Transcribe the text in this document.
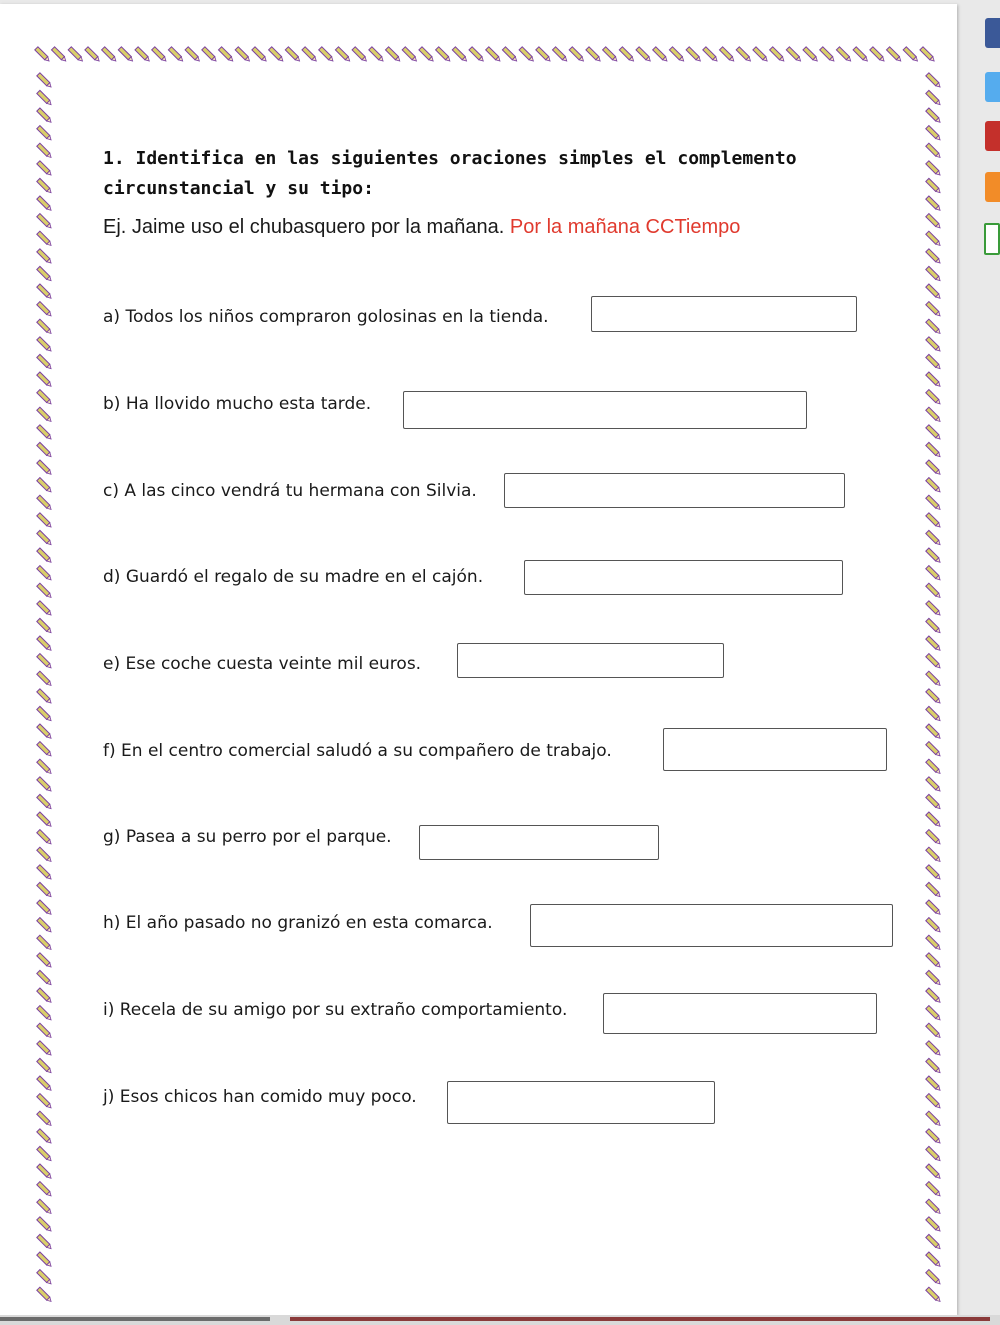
1. Identifica en las siguientes oraciones simples el complemento circunstancial y su tipo:
Ej. Jaime uso el chubasquero por la mañana. Por la mañana CCTiempo
a) Todos los niños compraron golosinas en la tienda.
b) Ha llovido mucho esta tarde.
c) A las cinco vendrá tu hermana con Silvia.
d) Guardó el regalo de su madre en el cajón.
e) Ese coche cuesta veinte mil euros.
f) En el centro comercial saludó a su compañero de trabajo.
g) Pasea a su perro por el parque.
h) El año pasado no granizó en esta comarca.
i) Recela de su amigo por su extraño comportamiento.
j) Esos chicos han comido muy poco.
